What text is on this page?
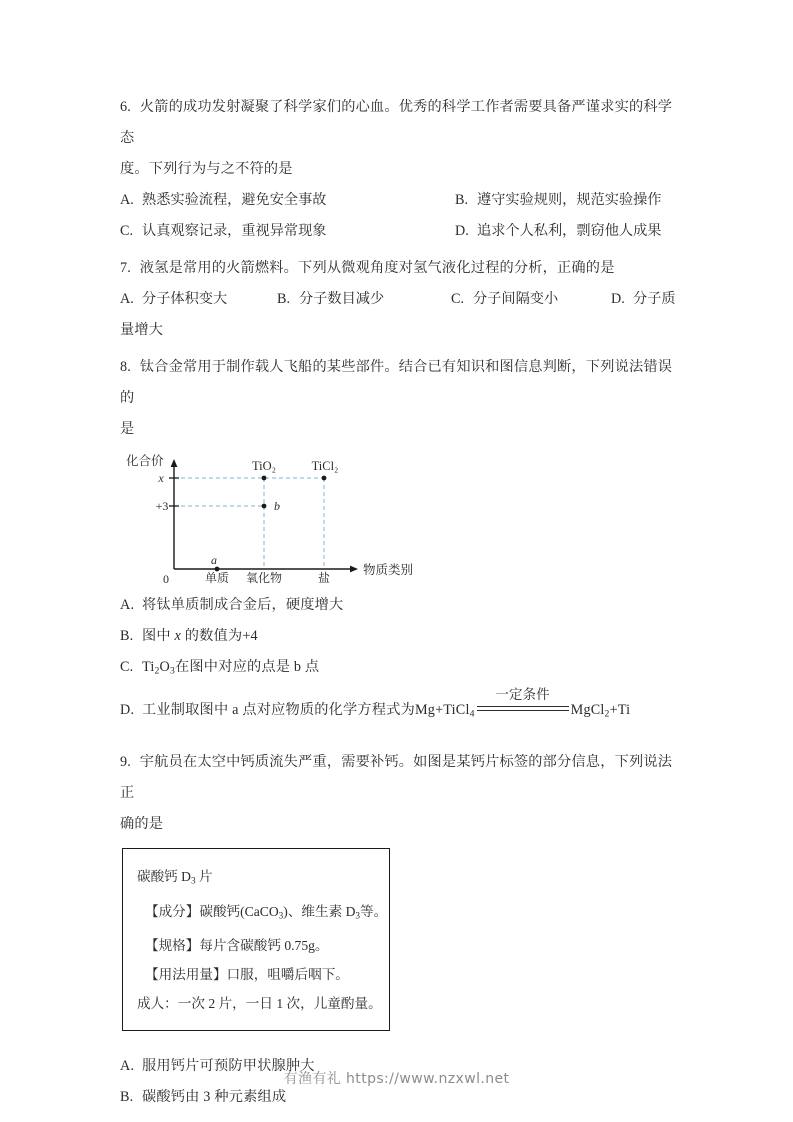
6. 火箭的成功发射凝聚了科学家们的心血。优秀的科学工作者需要具备严谨求实的科学态
度。下列行为与之不符的是
A. 熟悉实验流程，避免安全事故	B. 遵守实验规则，规范实验操作
C. 认真观察记录，重视异常现象	D. 追求个人私利，剽窃他人成果
7. 液氢是常用的火箭燃料。下列从微观角度对氢气液化过程的分析，正确的是
A. 分子体积变大	B. 分子数目减少	C. 分子间隔变小	D. 分子质
量增大
8. 钛合金常用于制作载人飞船的某些部件。结合已有知识和图信息判断，下列说法错误的
是
化合价
x
+3
0	单质 氧化物	盐
物质类别
a
b
TiO₂	TiCl₂
A. 将钛单质制成合金后，硬度增大
B. 图中 x 的数值为+4
C. $Ti_2O_3$在图中对应的点是 b 点
D. 工业制取图中 a 点对应物质的化学方程式为Mg+TiCl$_4$
一定条件
MgCl$_2$+Ti
9. 宇航员在太空中钙质流失严重，需要补钙。如图是某钙片标签的部分信息，下列说法正
确的是
碳酸钙 $D_3$ 片
【成分】碳酸钙(CaCO$_3$)、维生素 $D_3$等。
【规格】每片含碳酸钙 0.75g。
【用法用量】口服，咀嚼后咽下。
成人：一次 2 片，一日 1 次，儿童酌量。
A. 服用钙片可预防甲状腺肿大
B. 碳酸钙由 3 种元素组成
有渔有礼 https://www.nzxwl.net
